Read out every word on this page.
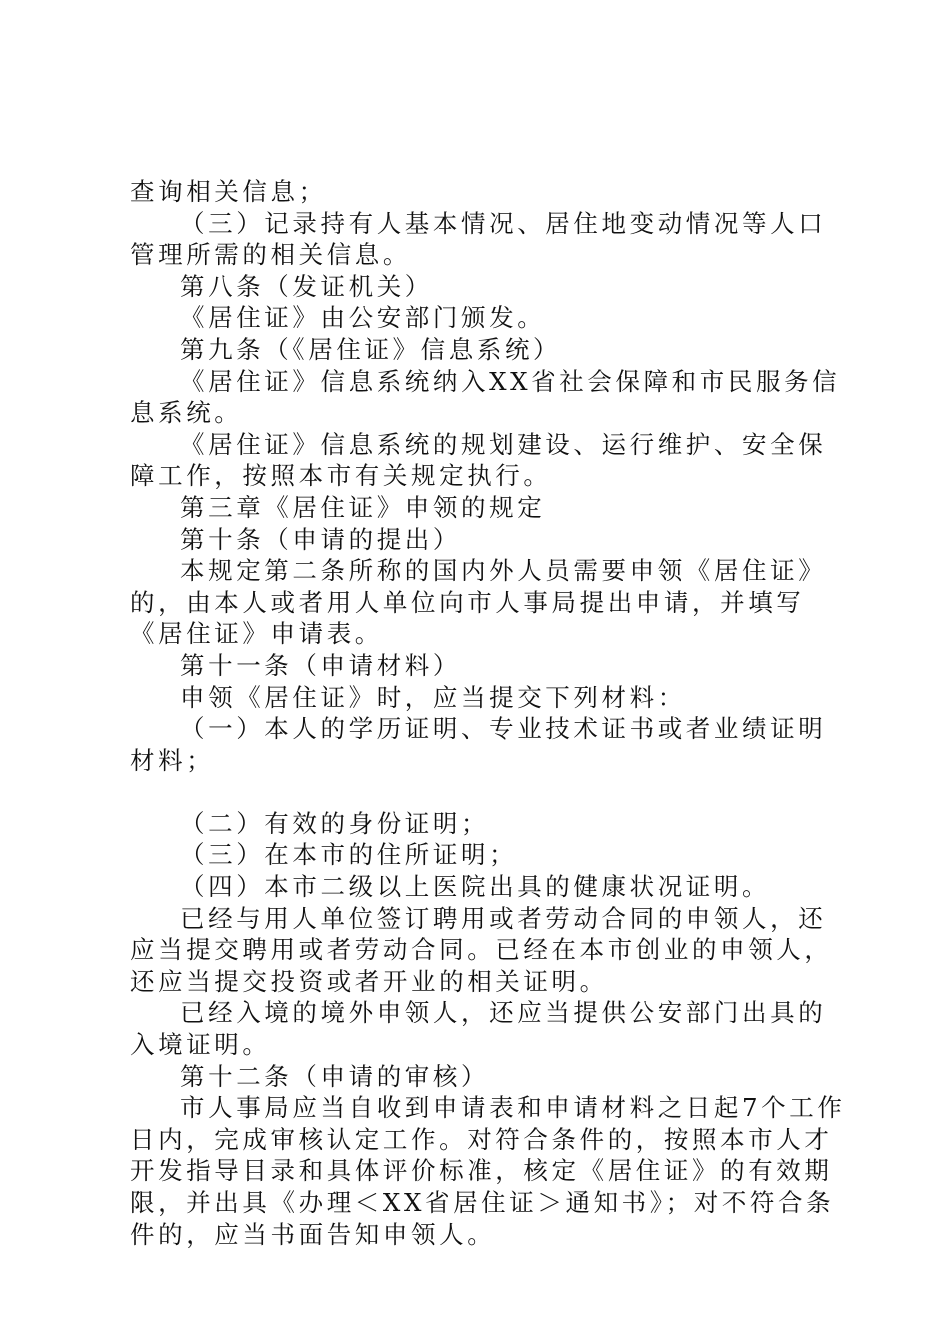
查询相关信息；

（三）记录持有人基本情况、居住地变动情况等人口管理所需的相关信息。

第八条（发证机关）

《居住证》由公安部门颁发。

第九条（《居住证》信息系统）

《居住证》信息系统纳入XX省社会保障和市民服务信息系统。

《居住证》信息系统的规划建设、运行维护、安全保障工作，按照本市有关规定执行。

第三章《居住证》申领的规定

第十条（申请的提出）

本规定第二条所称的国内外人员需要申领《居住证》的，由本人或者用人单位向市人事局提出申请，并填写《居住证》申请表。

第十一条（申请材料）

申领《居住证》时，应当提交下列材料：

（一）本人的学历证明、专业技术证书或者业绩证明材料；

（二）有效的身份证明；

（三）在本市的住所证明；

（四）本市二级以上医院出具的健康状况证明。

已经与用人单位签订聘用或者劳动合同的申领人，还应当提交聘用或者劳动合同。已经在本市创业的申领人，还应当提交投资或者开业的相关证明。

已经入境的境外申领人，还应当提供公安部门出具的入境证明。

第十二条（申请的审核）

市人事局应当自收到申请表和申请材料之日起7个工作日内，完成审核认定工作。对符合条件的，按照本市人才开发指导目录和具体评价标准，核定《居住证》的有效期限，并出具《办理＜XX省居住证＞通知书》；对不符合条件的，应当书面告知申领人。
